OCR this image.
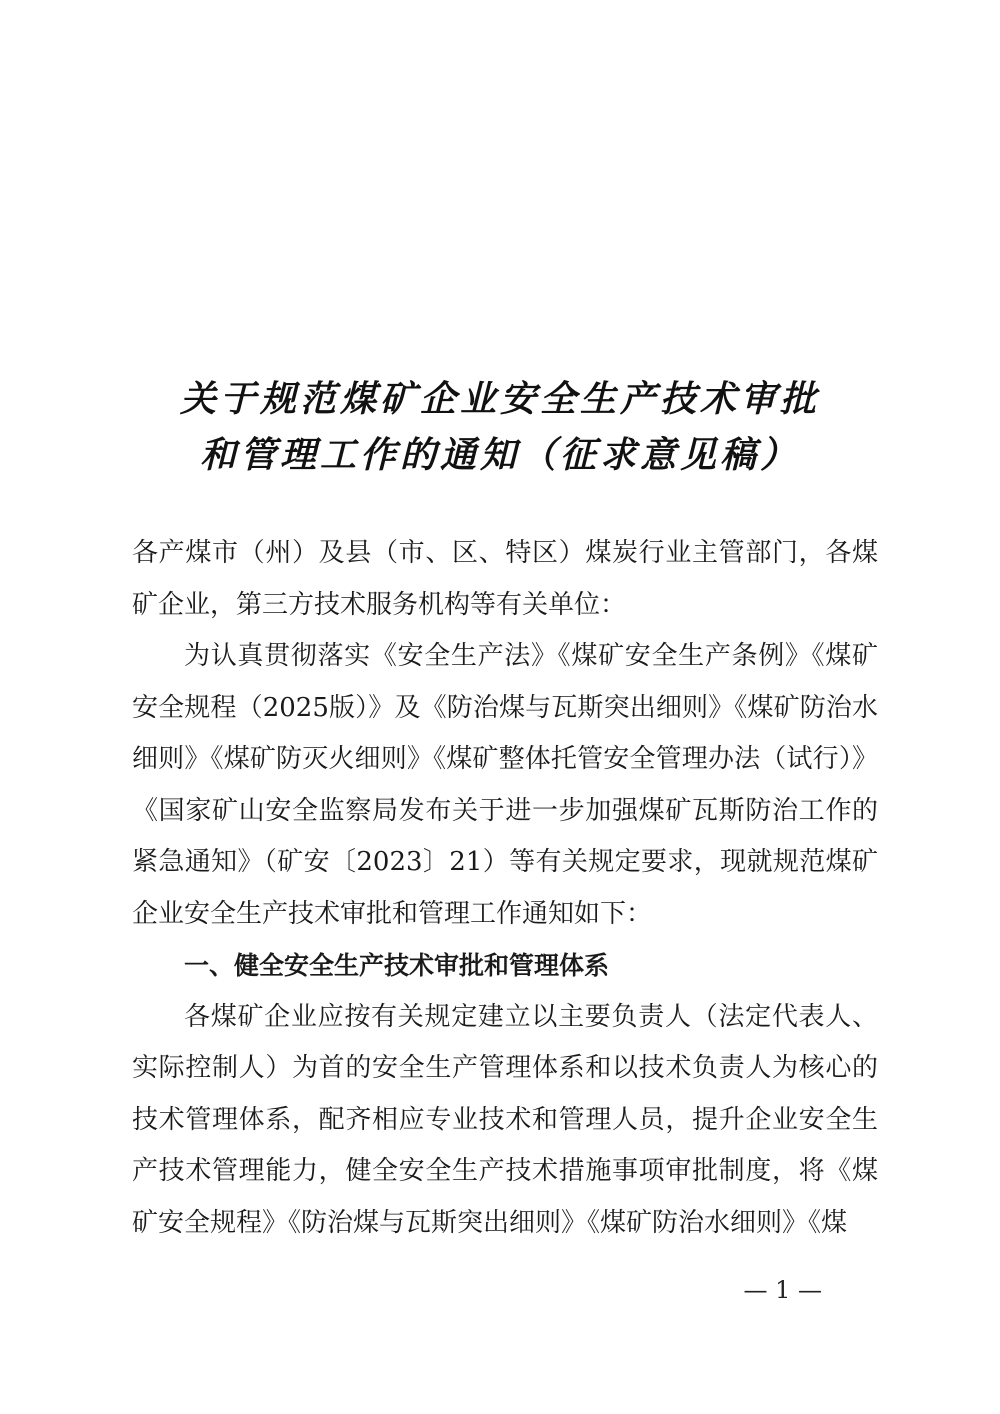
关于规范煤矿企业安全生产技术审批
和管理工作的通知（征求意见稿）

各产煤市（州）及县（市、区、特区）煤炭行业主管部门，各煤矿企业，第三方技术服务机构等有关单位：

为认真贯彻落实《安全生产法》《煤矿安全生产条例》《煤矿安全规程（2025版）》及《防治煤与瓦斯突出细则》《煤矿防治水细则》《煤矿防灭火细则》《煤矿整体托管安全管理办法（试行）》《国家矿山安全监察局发布关于进一步加强煤矿瓦斯防治工作的紧急通知》（矿安〔2023〕21）等有关规定要求，现就规范煤矿企业安全生产技术审批和管理工作通知如下：

一、健全安全生产技术审批和管理体系

各煤矿企业应按有关规定建立以主要负责人（法定代表人、实际控制人）为首的安全生产管理体系和以技术负责人为核心的技术管理体系，配齐相应专业技术和管理人员，提升企业安全生产技术管理能力，健全安全生产技术措施事项审批制度，将《煤矿安全规程》《防治煤与瓦斯突出细则》《煤矿防治水细则》《煤

— 1 —
